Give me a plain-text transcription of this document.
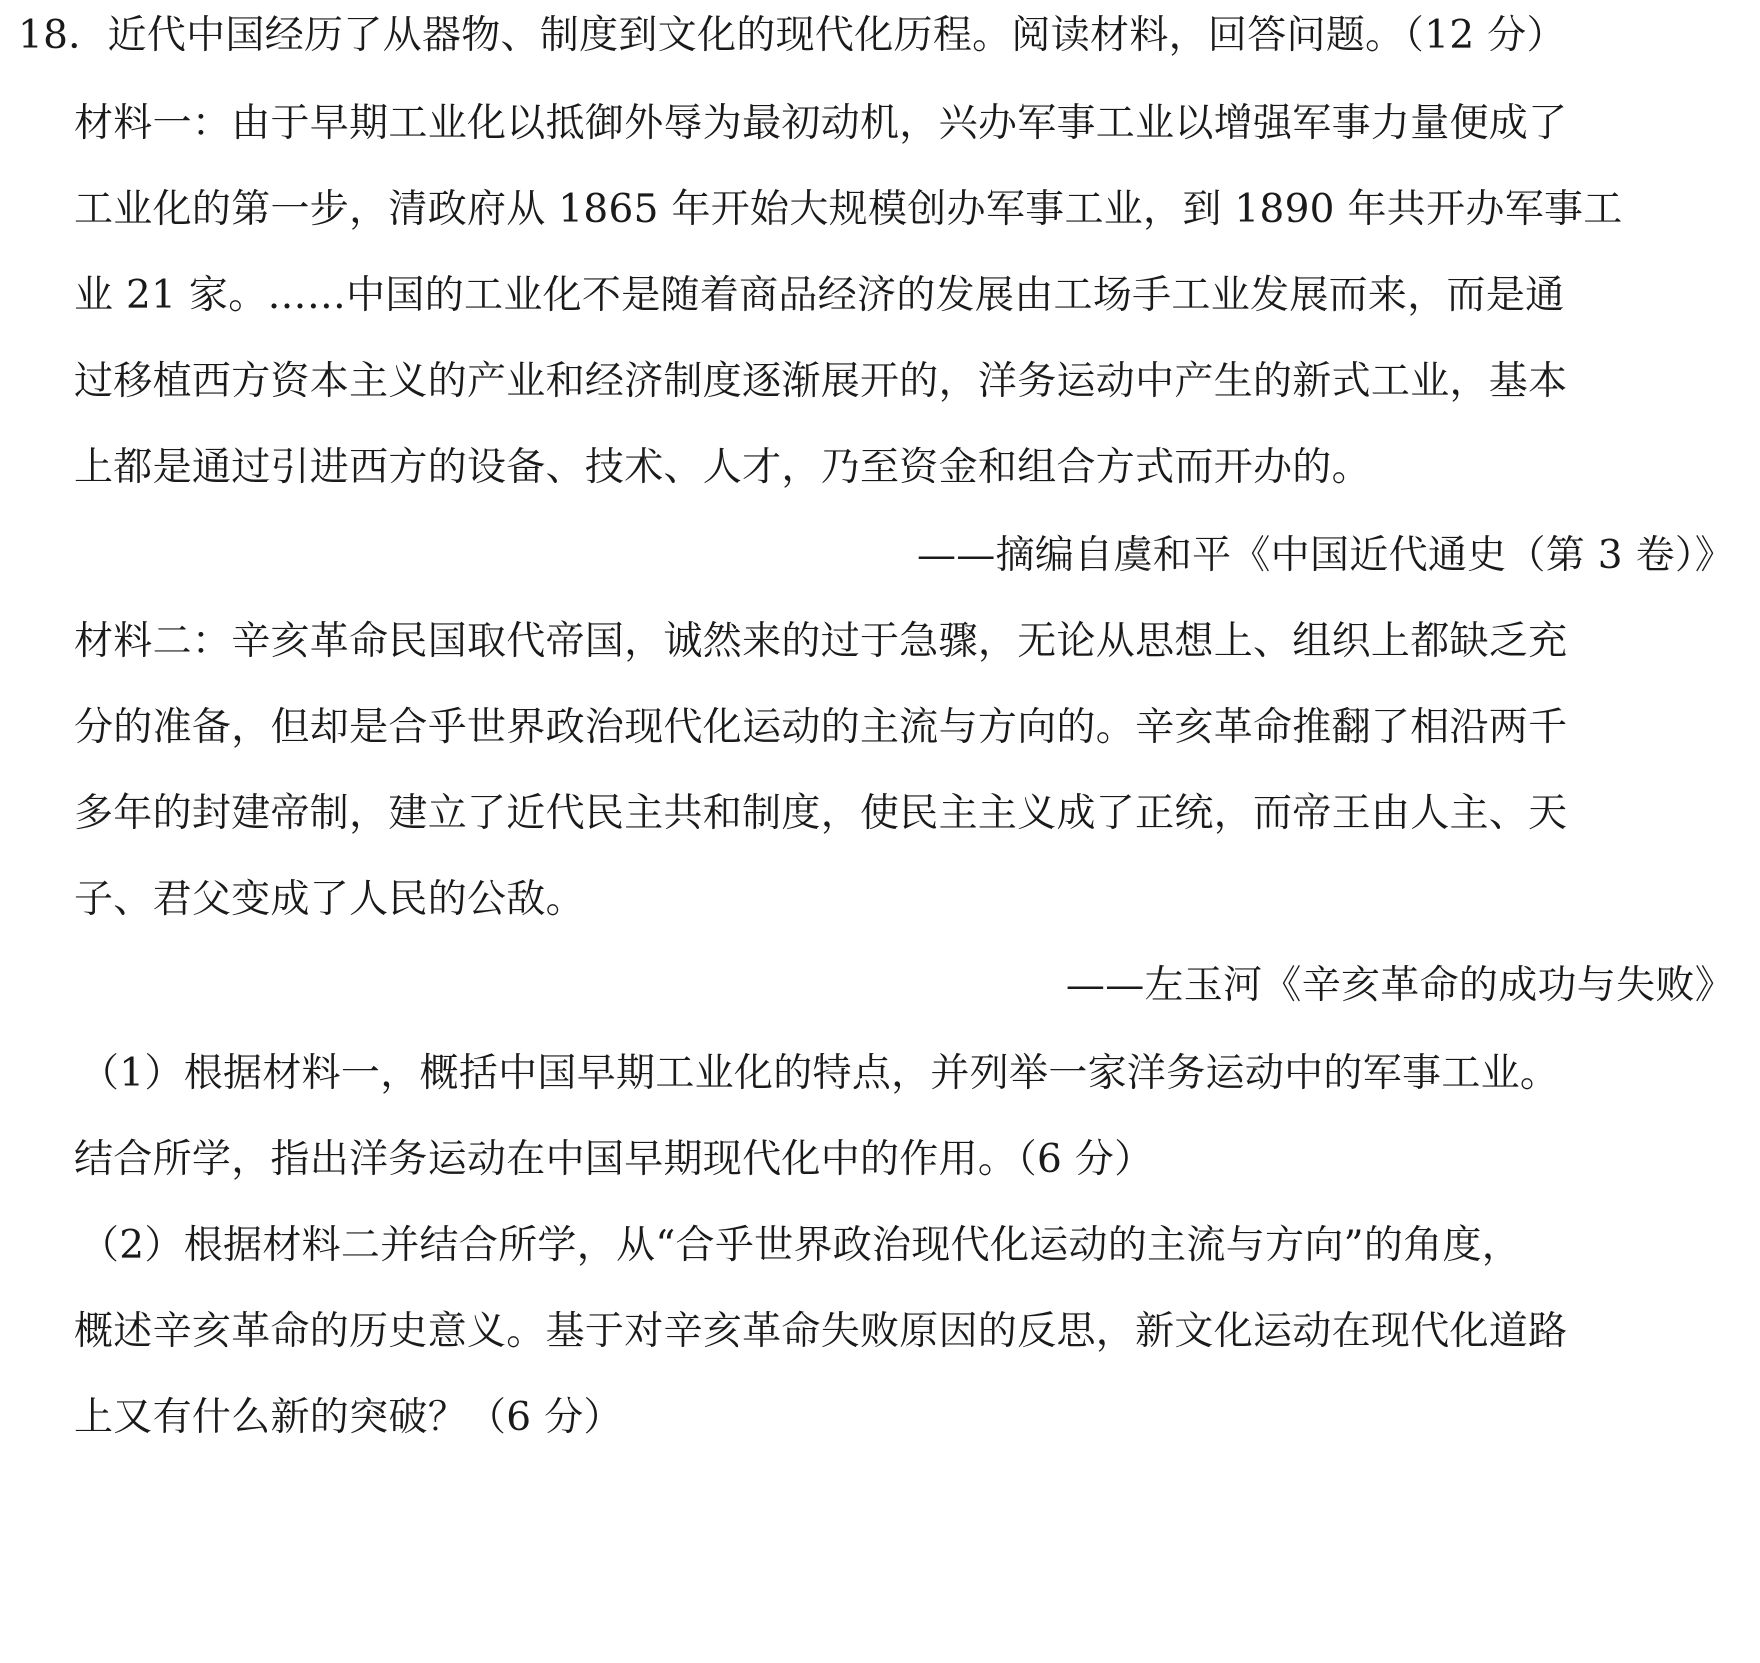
18．近代中国经历了从器物、制度到文化的现代化历程。阅读材料，回答问题。（12 分）
材料一：由于早期工业化以抵御外辱为最初动机，兴办军事工业以增强军事力量便成了
工业化的第一步，清政府从 1865 年开始大规模创办军事工业，到 1890 年共开办军事工
业 21 家。……中国的工业化不是随着商品经济的发展由工场手工业发展而来，而是通
过移植西方资本主义的产业和经济制度逐渐展开的，洋务运动中产生的新式工业，基本
上都是通过引进西方的设备、技术、人才，乃至资金和组合方式而开办的。
——摘编自虞和平《中国近代通史（第 3 卷）》
材料二：辛亥革命民国取代帝国，诚然来的过于急骤，无论从思想上、组织上都缺乏充
分的准备，但却是合乎世界政治现代化运动的主流与方向的。辛亥革命推翻了相沿两千
多年的封建帝制，建立了近代民主共和制度，使民主主义成了正统，而帝王由人主、天
子、君父变成了人民的公敌。
——左玉河《辛亥革命的成功与失败》
（1）根据材料一，概括中国早期工业化的特点，并列举一家洋务运动中的军事工业。
结合所学，指出洋务运动在中国早期现代化中的作用。（6 分）
（2）根据材料二并结合所学，从“合乎世界政治现代化运动的主流与方向”的角度，
概述辛亥革命的历史意义。基于对辛亥革命失败原因的反思，新文化运动在现代化道路
上又有什么新的突破？（6 分）
